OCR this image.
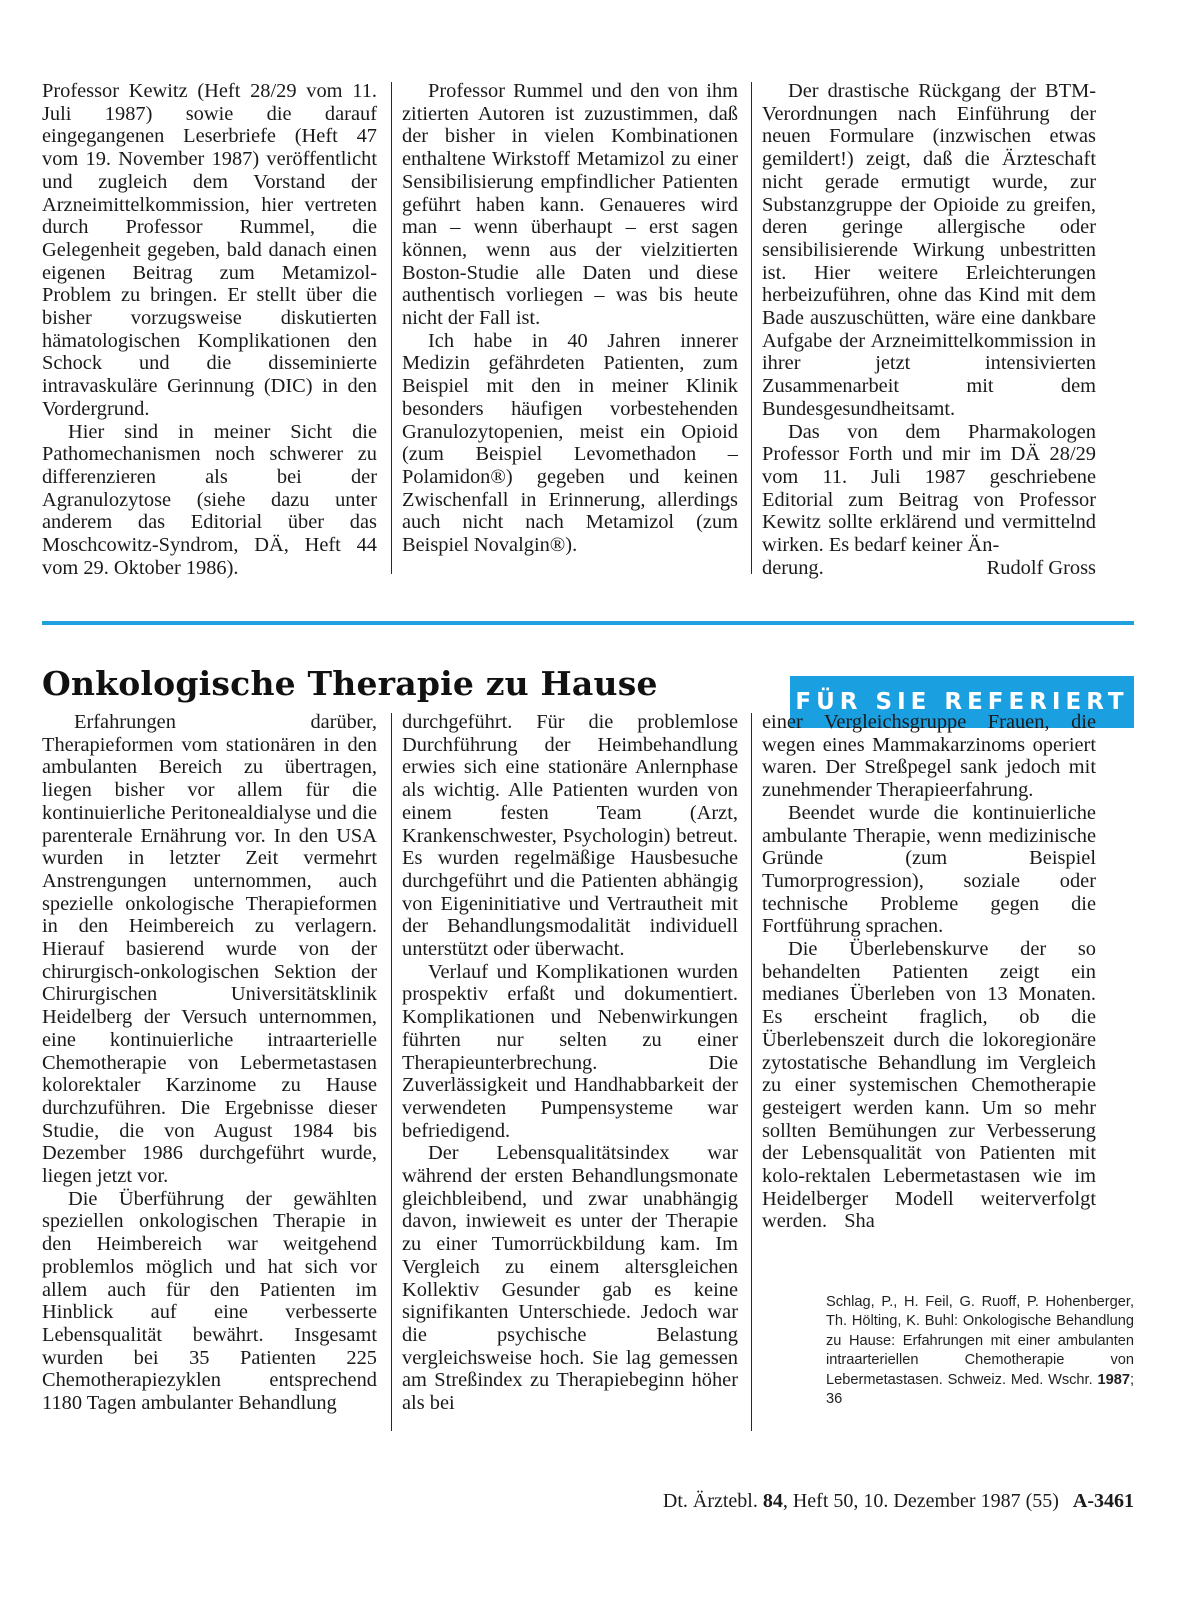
Professor Kewitz (Heft 28/29 vom 11. Juli 1987) sowie die darauf eingegangenen Leserbriefe (Heft 47 vom 19. November 1987) veröffentlicht und zugleich dem Vorstand der Arzneimittelkommission, hier vertreten durch Professor Rummel, die Gelegenheit gegeben, bald danach einen eigenen Beitrag zum Metamizol-Problem zu bringen. Er stellt über die bisher vorzugsweise diskutierten hämatologischen Komplikationen den Schock und die disseminierte intravaskuläre Gerinnung (DIC) in den Vordergrund.

Hier sind in meiner Sicht die Pathomechanismen noch schwerer zu differenzieren als bei der Agranulozytose (siehe dazu unter anderem das Editorial über das Moschcowitz-Syndrom, DÄ, Heft 44 vom 29. Oktober 1986).

Professor Rummel und den von ihm zitierten Autoren ist zuzustimmen, daß der bisher in vielen Kombinationen enthaltene Wirkstoff Metamizol zu einer Sensibilisierung empfindlicher Patienten geführt haben kann. Genaueres wird man – wenn überhaupt – erst sagen können, wenn aus der vielzitierten Boston-Studie alle Daten und diese authentisch vorliegen – was bis heute nicht der Fall ist.

Ich habe in 40 Jahren innerer Medizin gefährdeten Patienten, zum Beispiel mit den in meiner Klinik besonders häufigen vorbestehenden Granulozytopenien, meist ein Opioid (zum Beispiel Levomethadon – Polamidon®) gegeben und keinen Zwischenfall in Erinnerung, allerdings auch nicht nach Metamizol (zum Beispiel Novalgin®).

Der drastische Rückgang der BTM-Verordnungen nach Einführung der neuen Formulare (inzwischen etwas gemildert!) zeigt, daß die Ärzteschaft nicht gerade ermutigt wurde, zur Substanzgruppe der Opioide zu greifen, deren geringe allergische oder sensibilisierende Wirkung unbestritten ist. Hier weitere Erleichterungen herbeizuführen, ohne das Kind mit dem Bade auszuschütten, wäre eine dankbare Aufgabe der Arzneimittelkommission in ihrer jetzt intensivierten Zusammenarbeit mit dem Bundesgesundheitsamt.

Das von dem Pharmakologen Professor Forth und mir im DÄ 28/29 vom 11. Juli 1987 geschriebene Editorial zum Beitrag von Professor Kewitz sollte erklärend und vermittelnd wirken. Es bedarf keiner Än-

derung.	Rudolf Gross
Onkologische Therapie zu Hause	FÜR SIE REFERIERT

Erfahrungen darüber, Therapieformen vom stationären in den ambulanten Bereich zu übertragen, liegen bisher vor allem für die kontinuierliche Peritonealdialyse und die parenterale Ernährung vor. In den USA wurden in letzter Zeit vermehrt Anstrengungen unternommen, auch spezielle onkologische Therapieformen in den Heimbereich zu verlagern. Hierauf basierend wurde von der chirurgisch-onkologischen Sektion der Chirurgischen Universitätsklinik Heidelberg der Versuch unternommen, eine kontinuierliche intraarterielle Chemotherapie von Lebermetastasen kolorektaler Karzinome zu Hause durchzuführen. Die Ergebnisse dieser Studie, die von August 1984 bis Dezember 1986 durchgeführt wurde, liegen jetzt vor.

Die Überführung der gewählten speziellen onkologischen Therapie in den Heimbereich war weitgehend problemlos möglich und hat sich vor allem auch für den Patienten im Hinblick auf eine verbesserte Lebensqualität bewährt. Insgesamt wurden bei 35 Patienten 225 Chemotherapiezyklen entsprechend 1180 Tagen ambulanter Behandlung

durchgeführt. Für die problemlose Durchführung der Heimbehandlung erwies sich eine stationäre Anlernphase als wichtig. Alle Patienten wurden von einem festen Team (Arzt, Krankenschwester, Psychologin) betreut. Es wurden regelmäßige Hausbesuche durchgeführt und die Patienten abhängig von Eigeninitiative und Vertrautheit mit der Behandlungsmodalität individuell unterstützt oder überwacht.

Verlauf und Komplikationen wurden prospektiv erfaßt und dokumentiert. Komplikationen und Nebenwirkungen führten nur selten zu einer Therapieunterbrechung. Die Zuverlässigkeit und Handhabbarkeit der verwendeten Pumpensysteme war befriedigend.

Der Lebensqualitätsindex war während der ersten Behandlungsmonate gleichbleibend, und zwar unabhängig davon, inwieweit es unter der Therapie zu einer Tumorrückbildung kam. Im Vergleich zu einem altersgleichen Kollektiv Gesunder gab es keine signifikanten Unterschiede. Jedoch war die psychische Belastung vergleichsweise hoch. Sie lag gemessen am Streßindex zu Therapiebeginn höher als bei

einer Vergleichsgruppe Frauen, die wegen eines Mammakarzinoms operiert waren. Der Streßpegel sank jedoch mit zunehmender Therapieerfahrung.

Beendet wurde die kontinuierliche ambulante Therapie, wenn medizinische Gründe (zum Beispiel Tumorprogression), soziale oder technische Probleme gegen die Fortführung sprachen.

Die Überlebenskurve der so behandelten Patienten zeigt ein medianes Überleben von 13 Monaten. Es erscheint fraglich, ob die Überlebenszeit durch die lokoregionäre zytostatische Behandlung im Vergleich zu einer systemischen Chemotherapie gesteigert werden kann. Um so mehr sollten Bemühungen zur Verbesserung der Lebensqualität von Patienten mit kolo-rektalen Lebermetastasen wie im Heidelberger Modell weiterverfolgt werden. Sha

Schlag, P., H. Feil, G. Ruoff, P. Hohenberger, Th. Hölting, K. Buhl: Onkologische Behandlung zu Hause: Erfahrungen mit einer ambulanten intraarteriellen Chemotherapie von Lebermetastasen. Schweiz. Med. Wschr. 1987; 36
Dt. Ärztebl. 84, Heft 50, 10. Dezember 1987 (55) A-3461
